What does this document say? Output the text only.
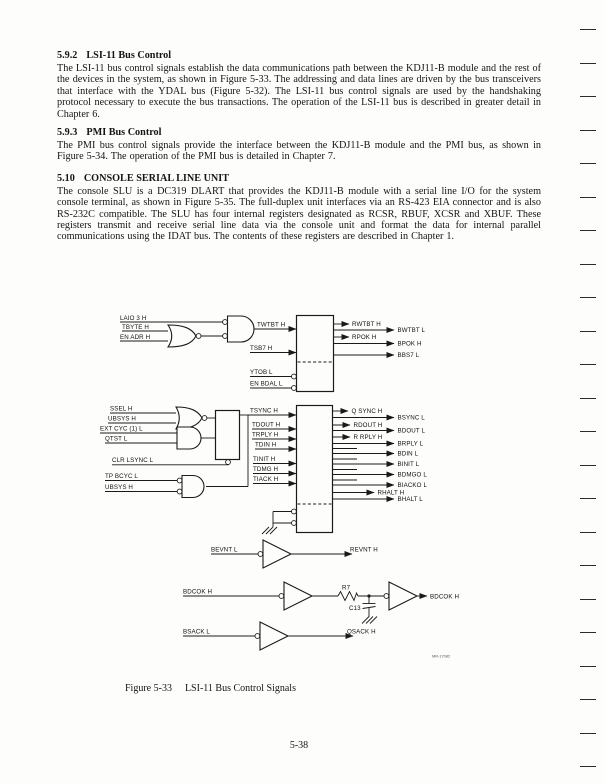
5.9.2 LSI-11 Bus Control

The LSI-11 bus control signals establish the data communications path between the KDJ11-B module and the rest of the devices in the system, as shown in Figure 5-33. The addressing and data lines are driven by the bus transceivers that interface with the YDAL bus (Figure 5-32). The LSI-11 bus control signals are used by the handshaking protocol necessary to execute the bus transactions. The operation of the LSI-11 bus is described in greater detail in Chapter 6.

5.9.3 PMI Bus Control

The PMI bus control signals provide the interface between the KDJ11-B module and the PMI bus, as shown in Figure 5-34. The operation of the PMI bus is detailed in Chapter 7.

5.10 CONSOLE SERIAL LINE UNIT

The console SLU is a DC319 DLART that provides the KDJ11-B module with a serial line I/O for the system console terminal, as shown in Figure 5-35. The full-duplex unit interfaces via an RS-423 EIA connector and is also RS-232C compatible. The SLU has four internal registers designated as RCSR, RBUF, XCSR and XBUF. These registers transmit and receive serial line data via the console unit and format the data for internal parallel communications using the IDAT bus. The contents of these registers are described in Chapter 1.

LAIO 3 H
TBYTE H
EN ADR H
TWTBT H
TSB7 H
YTOB L
EN BDAL L
RWTBT H
BWTBT L
RPOK H
BPOK H
BBS7 L
SSEL H
UBSYS H
EXT CYC (1) L
QTST L
CLR LSYNC L
TP BCYC L
UBSYS H
TSYNC H
TDOUT H
TRPLY H
TDIN H
TINIT H
TDMG H
TIACK H
Q SYNC H
BSYNC L
RDOUT H
BDOUT L
R RPLY H
BRPLY L
BDIN L
BINIT L
BDMGO L
BIACKO L
RHALT H
BHALT L
BEVNT L	REVNT H
BDCOK H
R7
C13
BDCOK H
BSACK L	QSACK H
MR-17082
Figure 5-33 LSI-11 Bus Control Signals
5-38
